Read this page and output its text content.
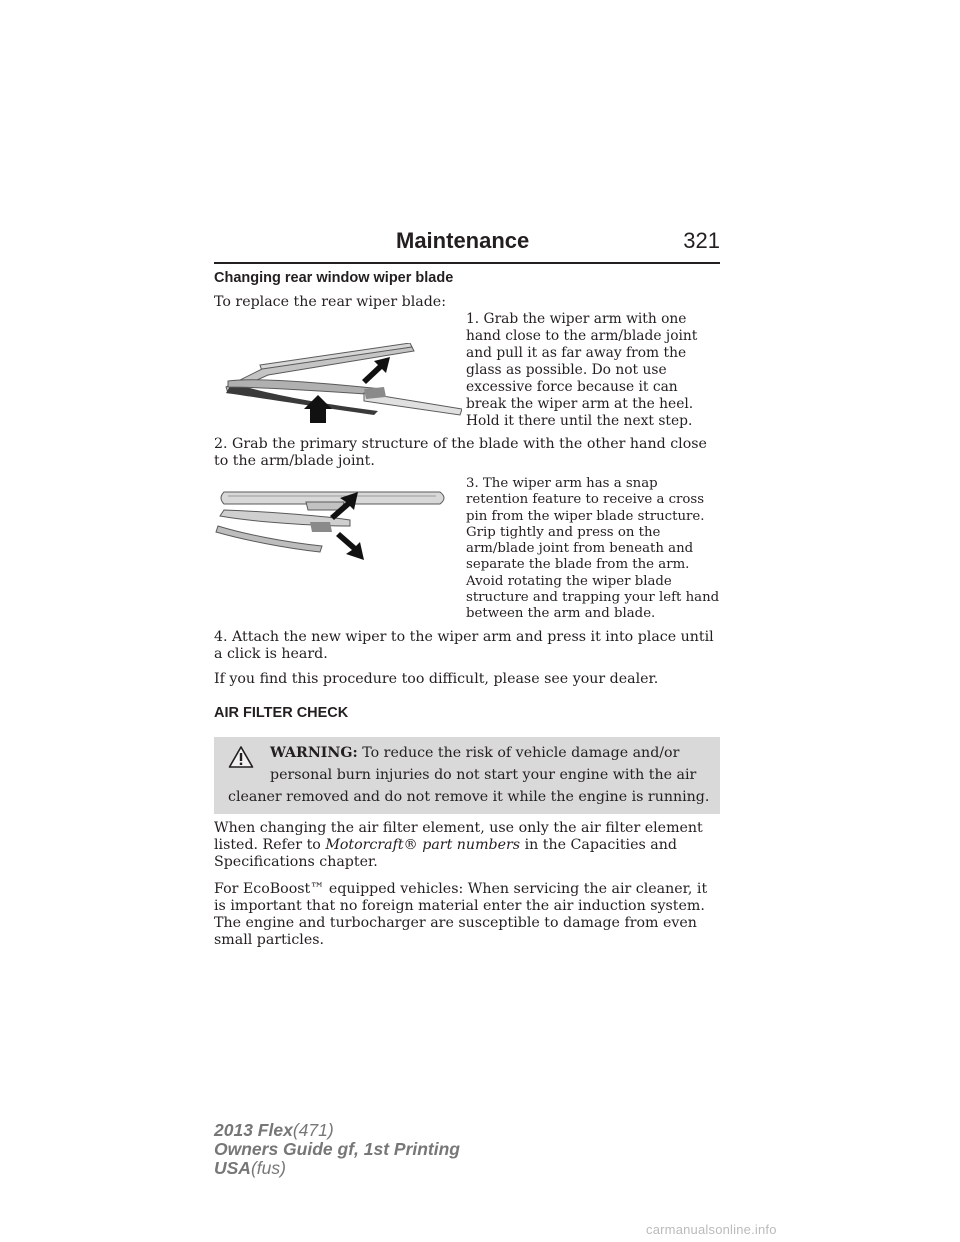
Maintenance	321
Changing rear window wiper blade

To replace the rear wiper blade:

1. Grab the wiper arm with one hand close to the arm/blade joint and pull it as far away from the glass as possible. Do not use excessive force because it can break the wiper arm at the heel. Hold it there until the next step.

2. Grab the primary structure of the blade with the other hand close to the arm/blade joint.

3. The wiper arm has a snap retention feature to receive a cross pin from the wiper blade structure. Grip tightly and press on the arm/blade joint from beneath and separate the blade from the arm. Avoid rotating the wiper blade structure and trapping your left hand between the arm and blade.

4. Attach the new wiper to the wiper arm and press it into place until a click is heard.

If you find this procedure too difficult, please see your dealer.

AIR FILTER CHECK
WARNING: To reduce the risk of vehicle damage and/or personal burn injuries do not start your engine with the air cleaner removed and do not remove it while the engine is running.

When changing the air filter element, use only the air filter element listed. Refer to Motorcraft® part numbers in the Capacities and Specifications chapter.

For EcoBoost™ equipped vehicles: When servicing the air cleaner, it is important that no foreign material enter the air induction system. The engine and turbocharger are susceptible to damage from even small particles.

2013 Flex(471)
Owners Guide gf, 1st Printing
USA(fus)
carmanualsonline.info
